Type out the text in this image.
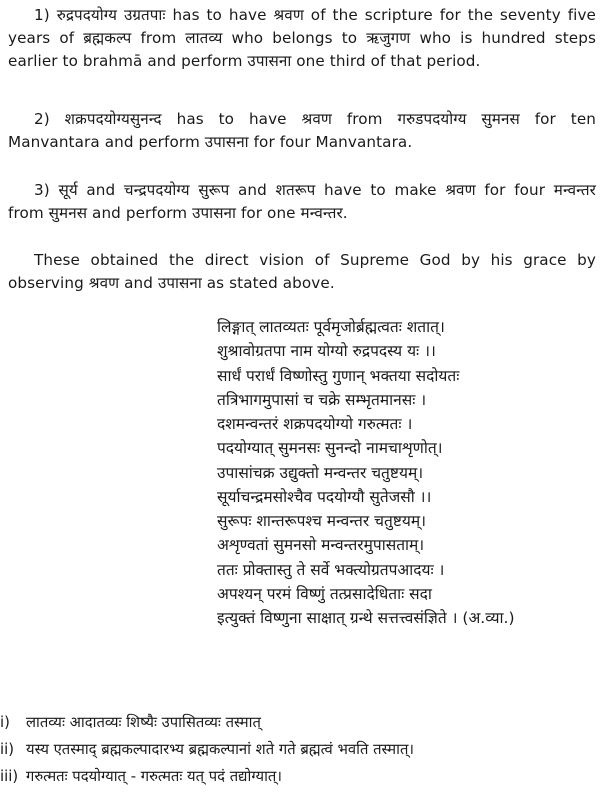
1) रुद्रपदयोग्य उग्रतपाः has to have श्रवण of the scripture for the seventy five
years of ब्रह्मकल्प from लातव्य who belongs to ऋजुगण who is hundred steps
earlier to brahmā and perform उपासना one third of that period.
2) शक्रपदयोग्यसुनन्द has to have श्रवण from गरुडपदयोग्य सुमनस for ten
Manvantara and perform उपासना for four Manvantara.
3) सूर्य and चन्द्रपदयोग्य सुरूप and शतरूप have to make श्रवण for four मन्वन्तर
from सुमनस and perform उपासना for one मन्वन्तर.
These obtained the direct vision of Supreme God by his grace by
observing श्रवण and उपासना as stated above.
लिङ्गात् लातव्यतः पूर्वमृजोर्ब्रह्मत्वतः शतात्।
शुश्रावोग्रतपा नाम योग्यो रुद्रपदस्य यः ।।
सार्धं परार्धं विष्णोस्तु गुणान् भक्तया सदोयतः
तत्रिभागमुपासां च चक्रे सम्भृतमानसः ।
दशमन्वन्तरं शक्रपदयोग्यो गरुत्मतः ।
पदयोग्यात् सुमनसः सुनन्दो नामचाशृणोत्।
उपासांचक्र उद्युक्तो मन्वन्तर चतुष्टयम्।
सूर्याचन्द्रमसोश्चैव पदयोग्यौ सुतेजसौ ।।
सुरूपः शान्तरूपश्च मन्वन्तर चतुष्टयम्।
अशृण्वतां सुमनसो मन्वन्तरमुपासताम्।
ततः प्रोक्तास्तु ते सर्वे भक्त्योग्रतपआदयः ।
अपश्यन् परमं विष्णुं तत्प्रसादेधिताः सदा
इत्युक्तं विष्णुना साक्षात् ग्रन्थे सत्तत्त्वसंज्ञिते । (अ.व्या.)
i) लातव्यः आदातव्यः शिष्यैः उपासितव्यः तस्मात्
ii) यस्य एतस्माद् ब्रह्मकल्पादारभ्य ब्रह्मकल्पानां शते गते ब्रह्मत्वं भवति तस्मात्।
iii) गरुत्मतः पदयोग्यात् - गरुत्मतः यत् पदं तद्योग्यात्।
